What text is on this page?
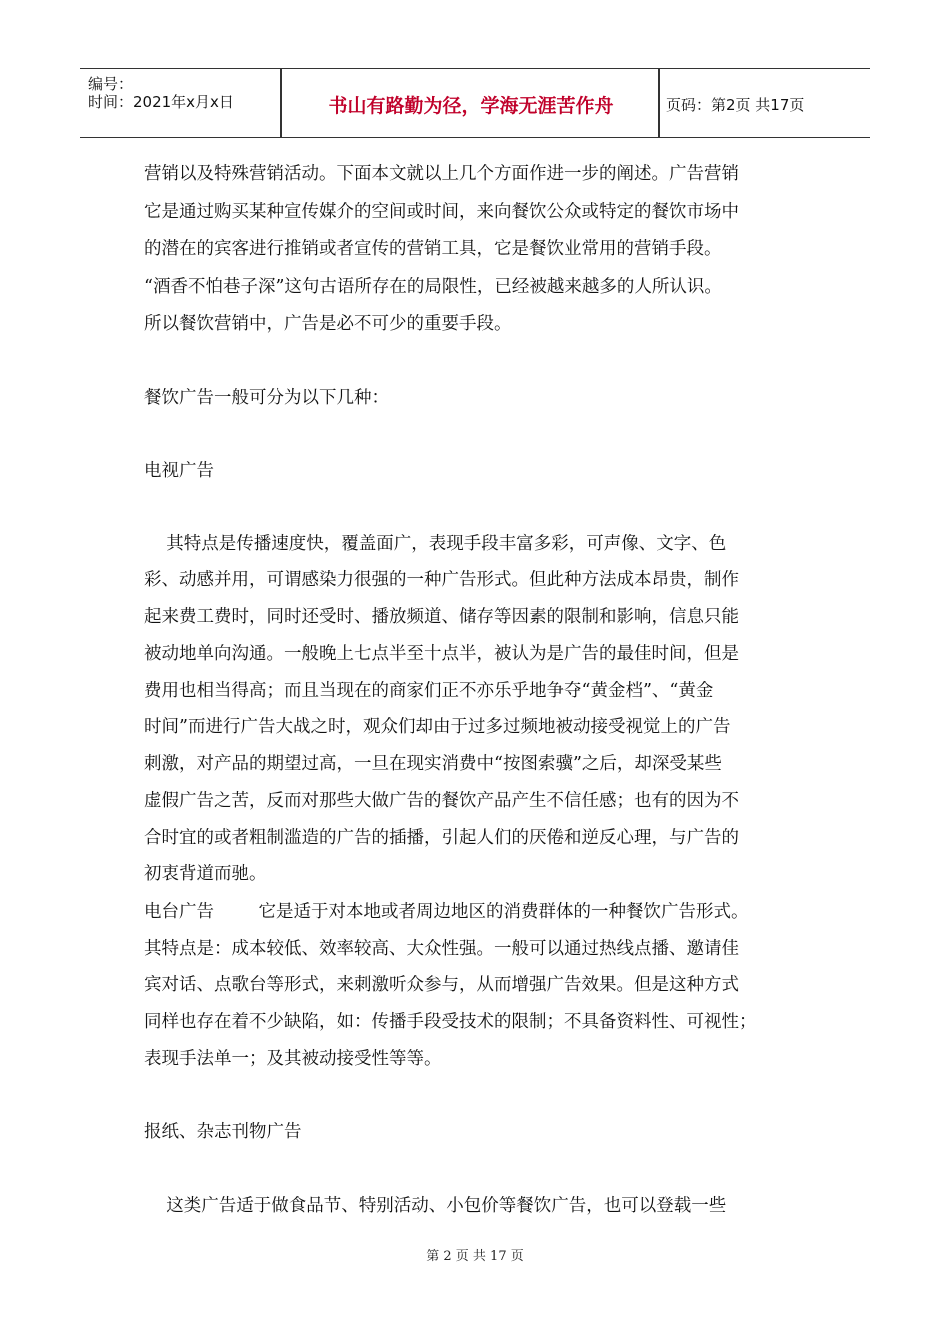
编号：
时间：2021年x月x日	书山有路勤为径，学海无涯苦作舟	页码：第2页 共17页
营销以及特殊营销活动。下面本文就以上几个方面作进一步的阐述。广告营销
它是通过购买某种宣传媒介的空间或时间，来向餐饮公众或特定的餐饮市场中
的潜在的宾客进行推销或者宣传的营销工具，它是餐饮业常用的营销手段。
“酒香不怕巷子深”这句古语所存在的局限性，已经被越来越多的人所认识。
所以餐饮营销中，广告是必不可少的重要手段。
餐饮广告一般可分为以下几种：
电视广告
其特点是传播速度快，覆盖面广，表现手段丰富多彩，可声像、文字、色
彩、动感并用，可谓感染力很强的一种广告形式。但此种方法成本昂贵，制作
起来费工费时，同时还受时、播放频道、储存等因素的限制和影响，信息只能
被动地单向沟通。一般晚上七点半至十点半，被认为是广告的最佳时间，但是
费用也相当得高；而且当现在的商家们正不亦乐乎地争夺“黄金档”、“黄金
时间”而进行广告大战之时，观众们却由于过多过频地被动接受视觉上的广告
刺激，对产品的期望过高，一旦在现实消费中“按图索骥”之后，却深受某些
虚假广告之苦，反而对那些大做广告的餐饮产品产生不信任感；也有的因为不
合时宜的或者粗制滥造的广告的插播，引起人们的厌倦和逆反心理，与广告的
初衷背道而驰。
电台广告        它是适于对本地或者周边地区的消费群体的一种餐饮广告形式。
其特点是：成本较低、效率较高、大众性强。一般可以通过热线点播、邀请佳
宾对话、点歌台等形式，来刺激听众参与，从而增强广告效果。但是这种方式
同样也存在着不少缺陷，如：传播手段受技术的限制；不具备资料性、可视性；
表现手法单一；及其被动接受性等等。
报纸、杂志刊物广告
这类广告适于做食品节、特别活动、小包价等餐饮广告，也可以登载一些
第 2 页 共 17 页
